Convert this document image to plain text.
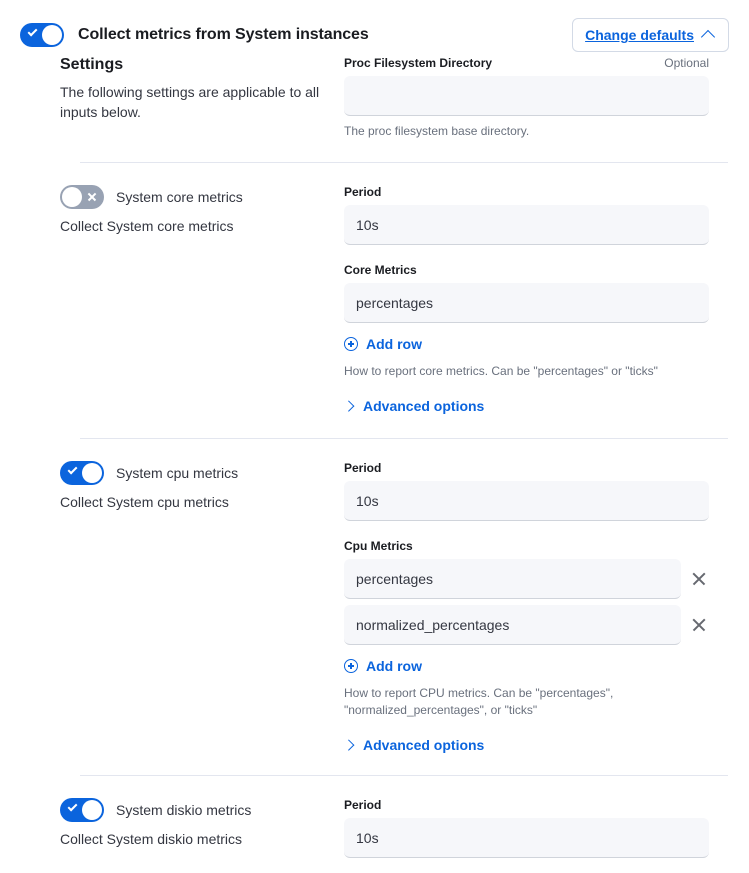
Collect metrics from System instances	Change defaults
Settings
The following settings are applicable to all inputs below.
Proc Filesystem Directory	Optional
The proc filesystem base directory.
System core metrics
Collect System core metrics
Period
10s
Core Metrics
percentages
Add row
How to report core metrics. Can be "percentages" or "ticks"
Advanced options
System cpu metrics
Collect System cpu metrics
Period
10s
Cpu Metrics
percentages
normalized_percentages
Add row
How to report CPU metrics. Can be "percentages", "normalized_percentages", or "ticks"
Advanced options
System diskio metrics
Collect System diskio metrics
Period
10s
